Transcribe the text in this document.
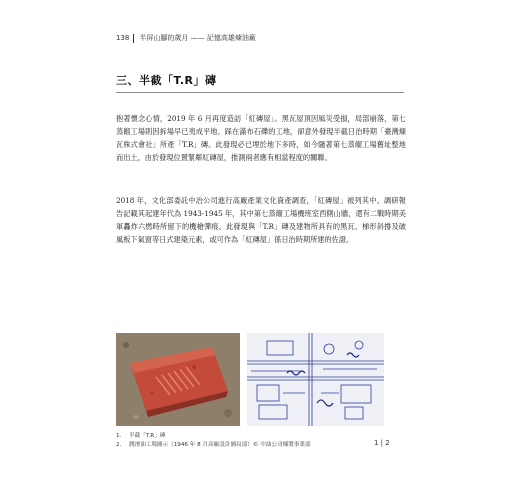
138 半屏山腳的歲月 —— 記憶高雄煉油廠
三、半截「T.R」磚

抱著懷念心情，2019 年 6 月再度造訪「紅磚屋」。黑瓦屋頂因風災受損，局部崩落，第七蒸餾工場則因拆場早已夷成平地。踩在滿布石礫的工地，卻意外發現半截日治時期「臺灣煉瓦株式會社」所產「T.R」磚。此發現必已埋於地下多時，如今隨著第七蒸餾工場舊址整地而出土，由於發現位置緊鄰紅磚屋，推測兩者應有相當程度的關聯。

2018 年，文化部委託中冶公司進行高廠產業文化資產調查，「紅磚屋」被列其中。調研報告記載其起建年代為 1943-1945 年，其中第七蒸餾工場機班室西側山牆，還有二戰時期美軍轟炸六燃時所留下的機槍彈痕。此發現與「T.R」磚及建物所具有的黑瓦、梯形斜撐及破風板下氣窗等日式建築元素，或可作為「紅磚屋」係日治時期所建的佐證。

1.	半截「T.R」磚
2.	潤滑油工場圖示（1946 年 8 月高廠設計圖局部）© 中油公司煉製事業部	1 | 2
